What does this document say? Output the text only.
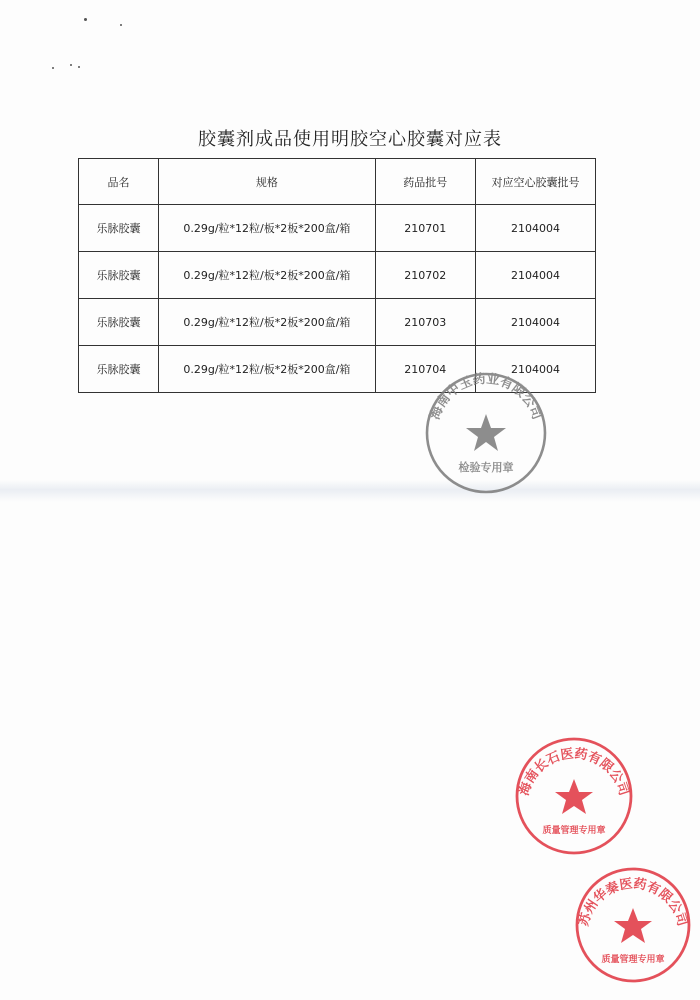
胶囊剂成品使用明胶空心胶囊对应表
品名	规格	药品批号	对应空心胶囊批号
乐脉胶囊	0.29g/粒*12粒/板*2板*200盒/箱	210701	2104004
乐脉胶囊	0.29g/粒*12粒/板*2板*200盒/箱	210702	2104004
乐脉胶囊	0.29g/粒*12粒/板*2板*200盒/箱	210703	2104004
乐脉胶囊	0.29g/粒*12粒/板*2板*200盒/箱	210704	2104004
海南中玉药业有限公司
检验专用章
海南长石医药有限公司
质量管理专用章
苏州华秦医药有限公司
质量管理专用章
